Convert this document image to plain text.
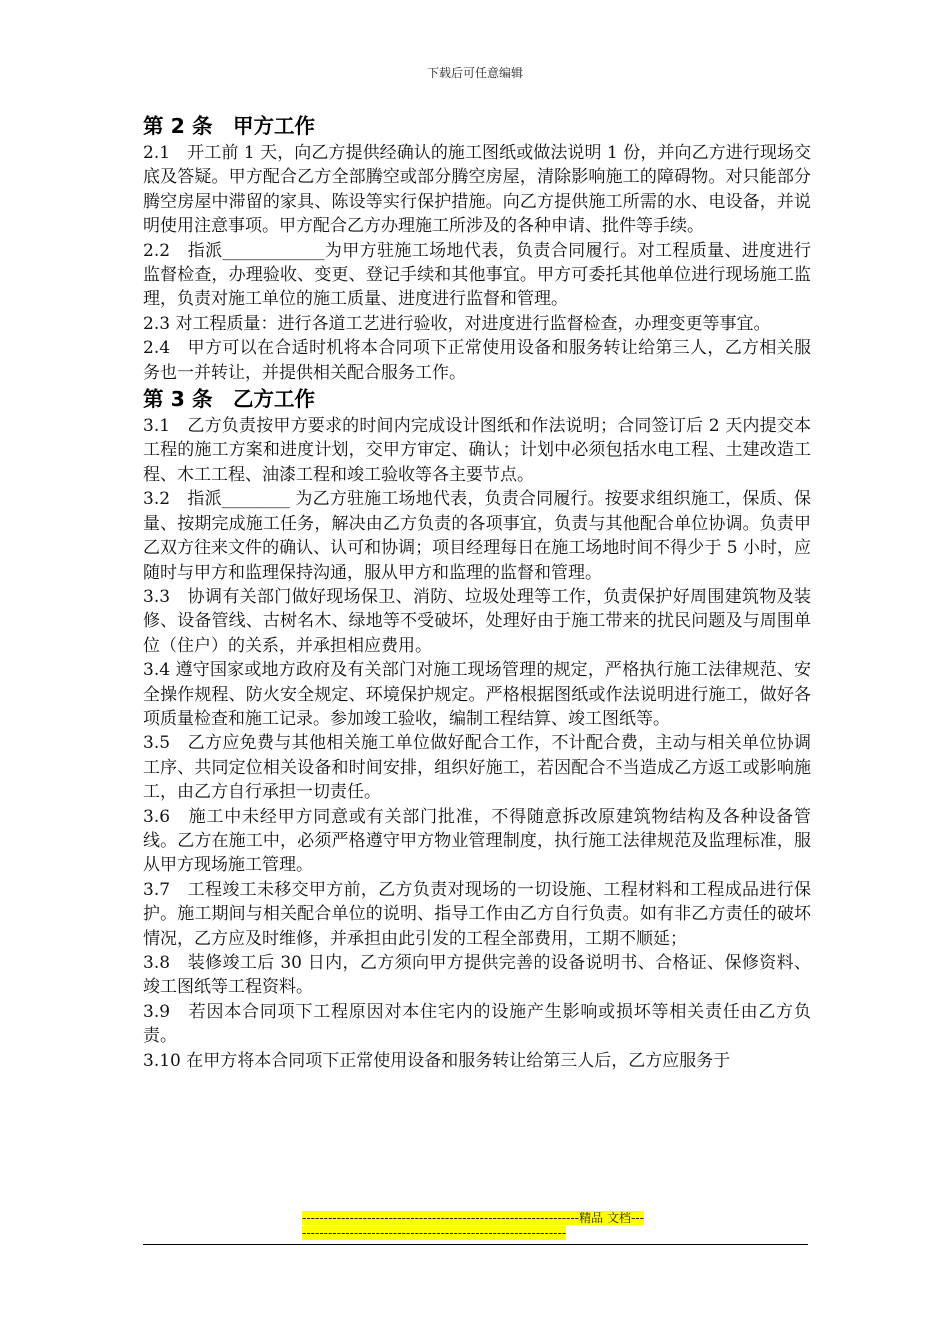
下载后可任意编辑
第 2 条　甲方工作

2.1　开工前 1 天，向乙方提供经确认的施工图纸或做法说明 1 份，并向乙方进行现场交底及答疑。甲方配合乙方全部腾空或部分腾空房屋，清除影响施工的障碍物。对只能部分腾空房屋中滞留的家具、陈设等实行保护措施。向乙方提供施工所需的水、电设备，并说明使用注意事项。甲方配合乙方办理施工所涉及的各种申请、批件等手续。

2.2　指派____________为甲方驻施工场地代表，负责合同履行。对工程质量、进度进行监督检查，办理验收、变更、登记手续和其他事宜。甲方可委托其他单位进行现场施工监理，负责对施工单位的施工质量、进度进行监督和管理。

2.3 对工程质量：进行各道工艺进行验收，对进度进行监督检查，办理变更等事宜。

2.4　甲方可以在合适时机将本合同项下正常使用设备和服务转让给第三人，乙方相关服务也一并转让，并提供相关配合服务工作。

第 3 条　乙方工作

3.1　乙方负责按甲方要求的时间内完成设计图纸和作法说明；合同签订后 2 天内提交本工程的施工方案和进度计划，交甲方审定、确认；计划中必须包括水电工程、土建改造工程、木工工程、油漆工程和竣工验收等各主要节点。

3.2　指派________ 为乙方驻施工场地代表，负责合同履行。按要求组织施工，保质、保量、按期完成施工任务，解决由乙方负责的各项事宜，负责与其他配合单位协调。负责甲乙双方往来文件的确认、认可和协调；项目经理每日在施工场地时间不得少于 5 小时，应随时与甲方和监理保持沟通，服从甲方和监理的监督和管理。

3.3　协调有关部门做好现场保卫、消防、垃圾处理等工作，负责保护好周围建筑物及装修、设备管线、古树名木、绿地等不受破坏，处理好由于施工带来的扰民问题及与周围单位（住户）的关系，并承担相应费用。

3.4 遵守国家或地方政府及有关部门对施工现场管理的规定，严格执行施工法律规范、安全操作规程、防火安全规定、环境保护规定。严格根据图纸或作法说明进行施工，做好各项质量检查和施工记录。参加竣工验收，编制工程结算、竣工图纸等。

3.5　乙方应免费与其他相关施工单位做好配合工作，不计配合费，主动与相关单位协调工序、共同定位相关设备和时间安排，组织好施工，若因配合不当造成乙方返工或影响施工，由乙方自行承担一切责任。

3.6　施工中未经甲方同意或有关部门批准，不得随意拆改原建筑物结构及各种设备管线。乙方在施工中，必须严格遵守甲方物业管理制度，执行施工法律规范及监理标准，服从甲方现场施工管理。

3.7　工程竣工未移交甲方前，乙方负责对现场的一切设施、工程材料和工程成品进行保护。施工期间与相关配合单位的说明、指导工作由乙方自行负责。如有非乙方责任的破坏情况，乙方应及时维修，并承担由此引发的工程全部费用，工期不顺延；

3.8　装修竣工后 30 日内，乙方须向甲方提供完善的设备说明书、合格证、保修资料、竣工图纸等工程资料。

3.9　若因本合同项下工程原因对本住宅内的设施产生影响或损坏等相关责任由乙方负责。

3.10 在甲方将本合同项下正常使用设备和服务转让给第三人后，乙方应服务于

----------------------------------------------------------------精品 文档----------------------------------------------------------------
